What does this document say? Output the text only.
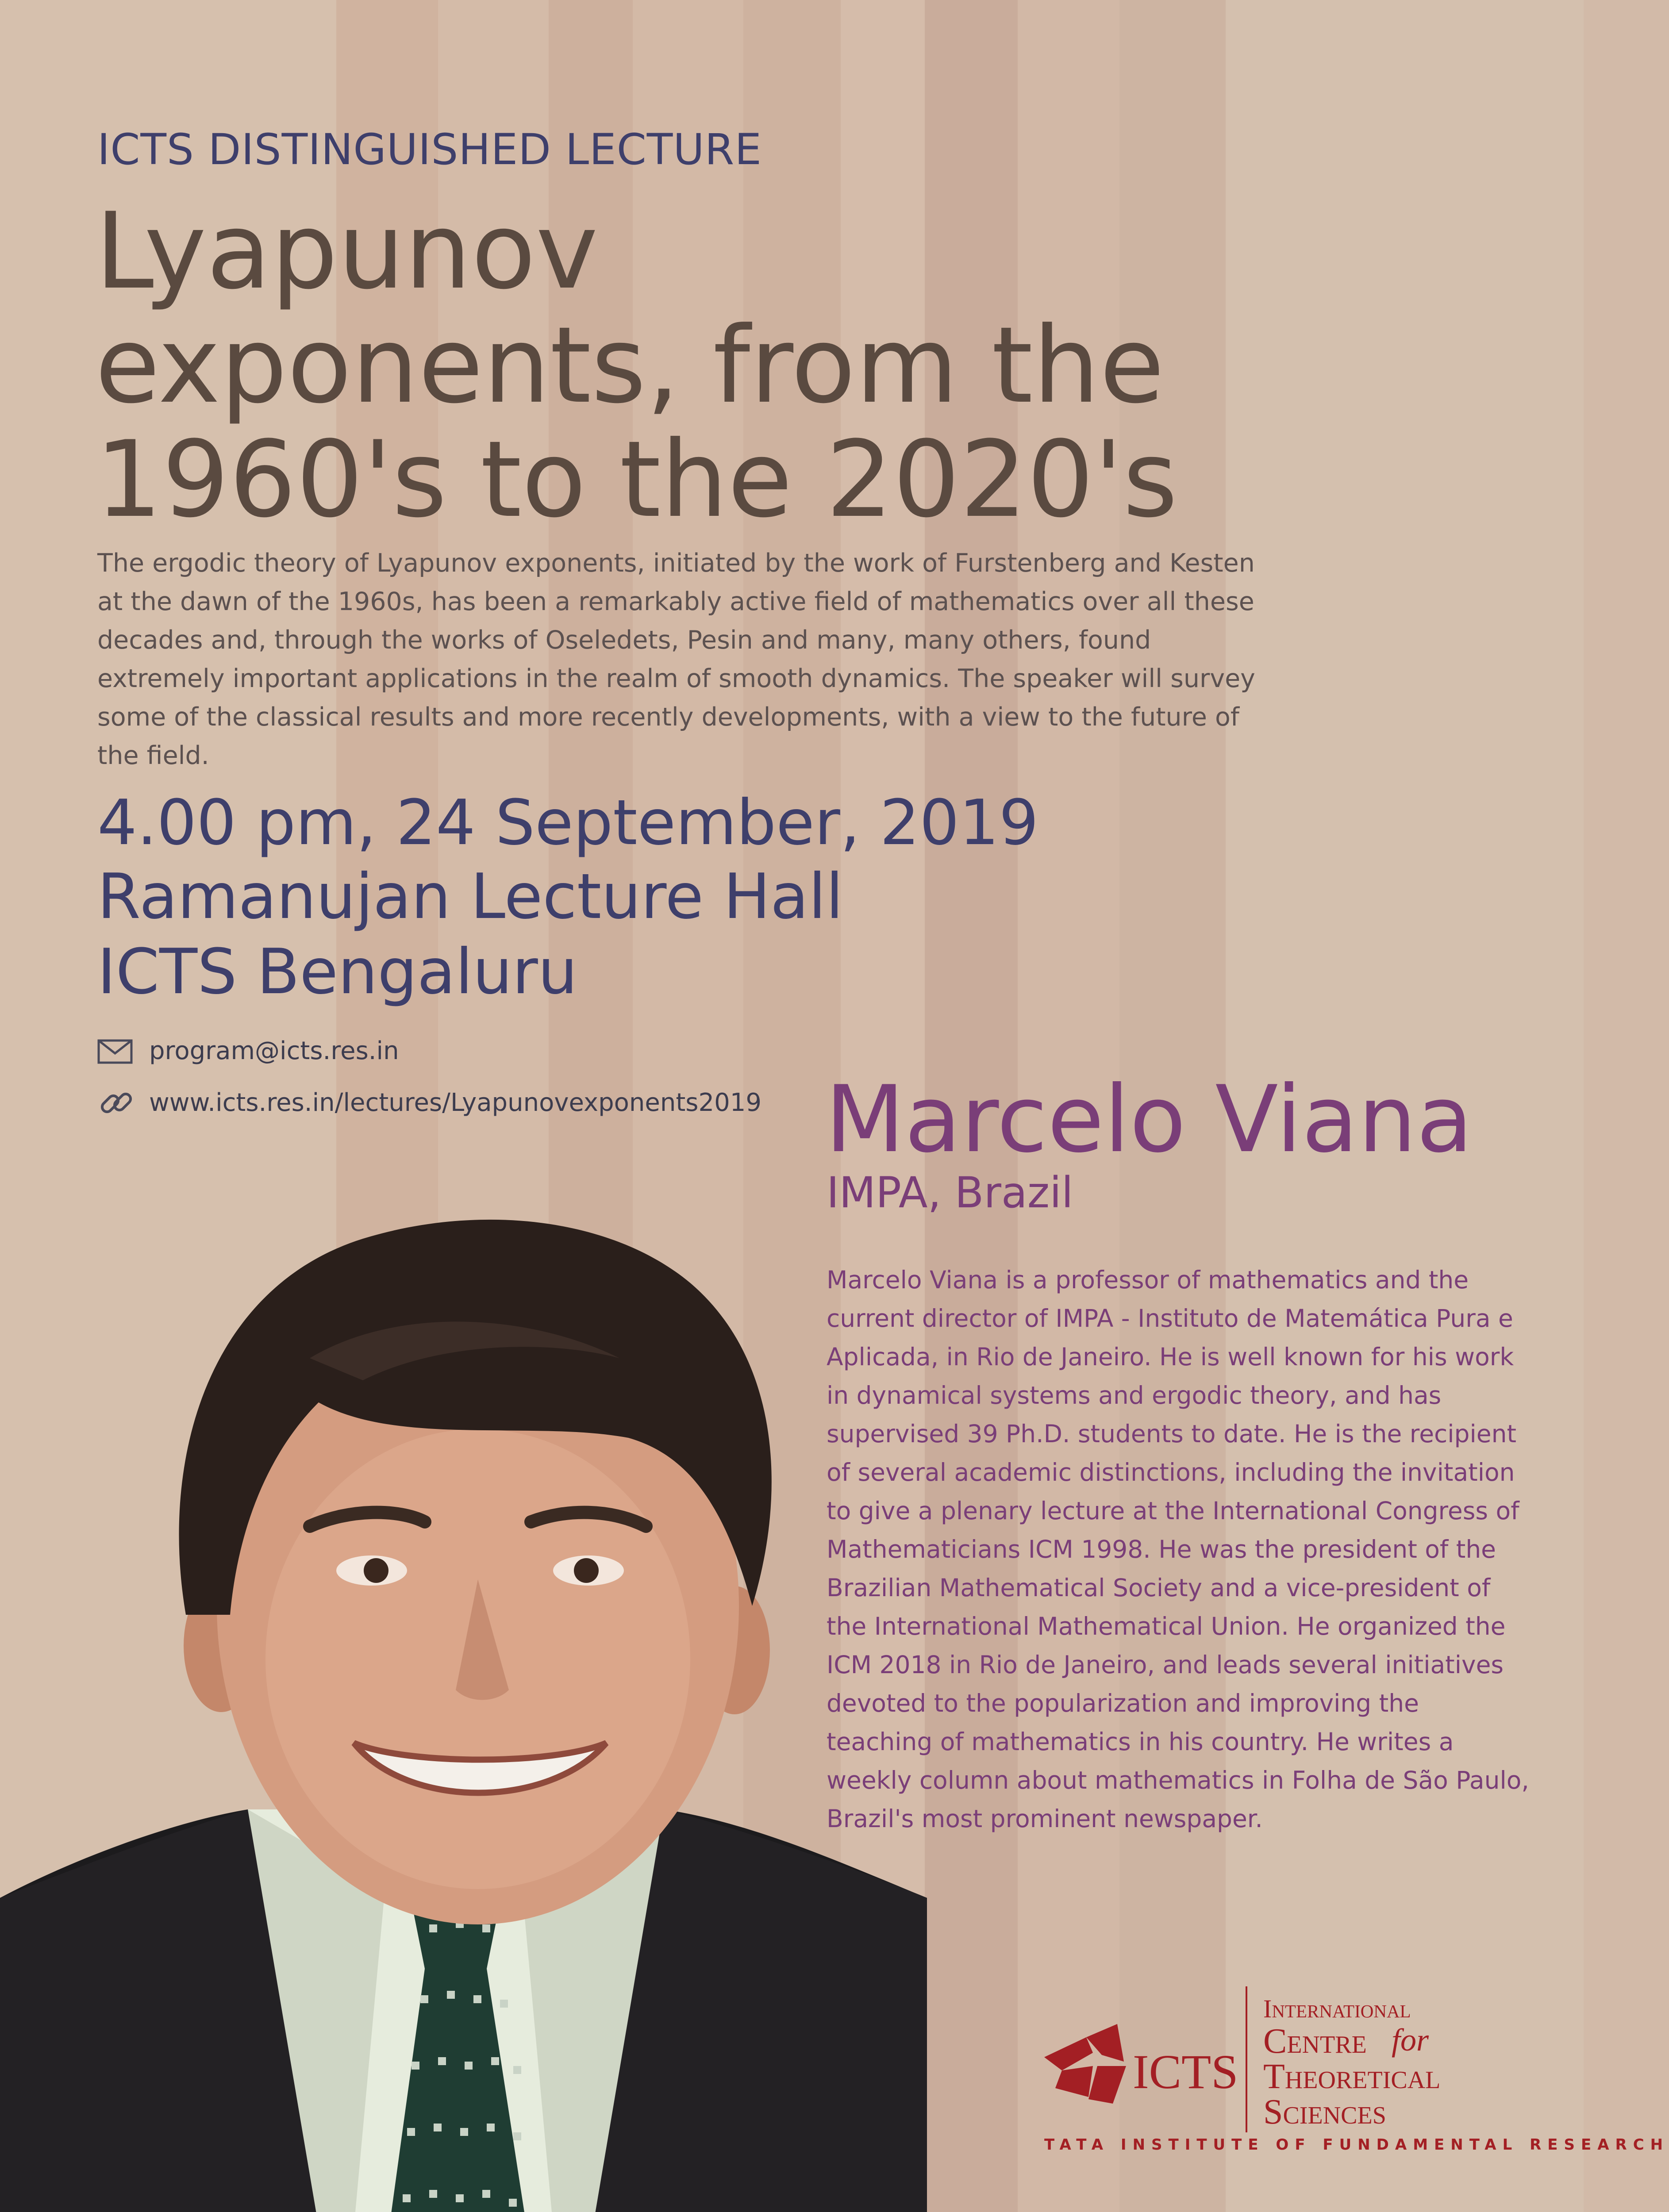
ICTS DISTINGUISHED LECTURE
Lyapunov exponents, from the 1960's to the 2020's
The ergodic theory of Lyapunov exponents, initiated by the work of Furstenberg and Kesten at the dawn of the 1960s, has been a remarkably active field of mathematics over all these decades and, through the works of Oseledets, Pesin and many, many others, found extremely important applications in the realm of smooth dynamics. The speaker will survey some of the classical results and more recently developments, with a view to the future of the field.
4.00 pm, 24 September, 2019
Ramanujan Lecture Hall
ICTS Bengaluru
program@icts.res.in
www.icts.res.in/lectures/Lyapunovexponents2019 Marcelo Viana
IMPA, Brazil
Marcelo Viana is a professor of mathematics and the current director of IMPA - Instituto de Matemática Pura e Aplicada, in Rio de Janeiro. He is well known for his work in dynamical systems and ergodic theory, and has supervised 39 Ph.D. students to date. He is the recipient of several academic distinctions, including the invitation to give a plenary lecture at the International Congress of Mathematicians ICM 1998. He was the president of the Brazilian Mathematical Society and a vice-president of the International Mathematical Union. He organized the ICM 2018 in Rio de Janeiro, and leads several initiatives devoted to the popularization and improving the teaching of mathematics in his country. He writes a weekly column about mathematics in Folha de São Paulo, Brazil's most prominent newspaper.
ICTS
International
Centre for
Theoretical
Sciences
TATA INSTITUTE OF FUNDAMENTAL RESEARCH
